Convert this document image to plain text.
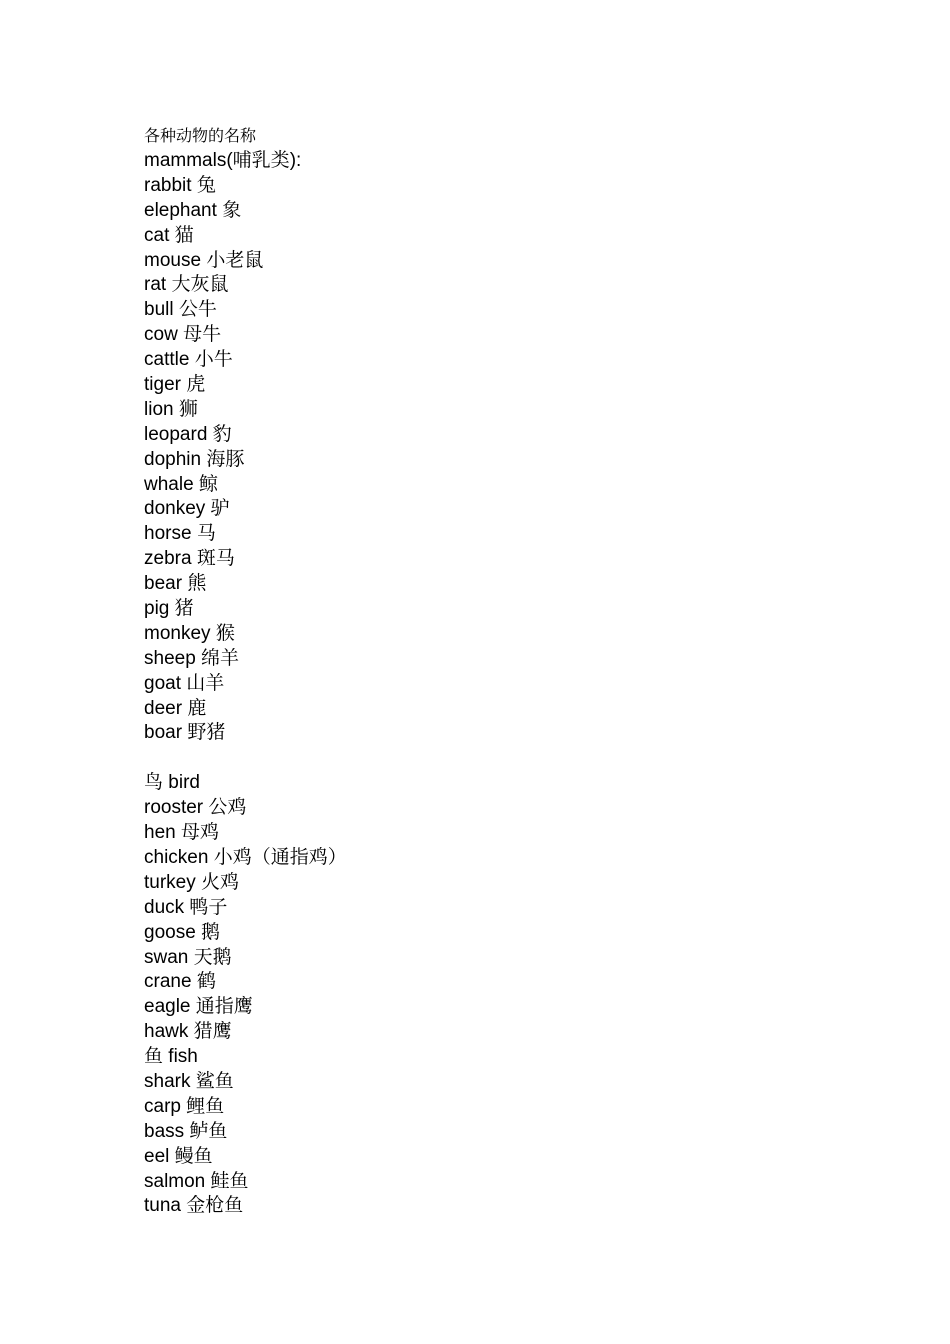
各种动物的名称
mammals(哺乳类):
rabbit 兔
elephant 象
cat 猫
mouse 小老鼠
rat 大灰鼠
bull 公牛
cow 母牛
cattle 小牛
tiger 虎
lion 狮
leopard 豹
dophin 海豚
whale 鲸
donkey 驴
horse 马
zebra 斑马
bear 熊
pig 猪
monkey 猴
sheep 绵羊
goat 山羊
deer 鹿
boar 野猪
鸟 bird
rooster 公鸡
hen 母鸡
chicken 小鸡（通指鸡）
turkey 火鸡
duck 鸭子
goose 鹅
swan 天鹅
crane 鹤
eagle 通指鹰
hawk 猎鹰
鱼 fish
shark 鲨鱼
carp 鲤鱼
bass 鲈鱼
eel 鳗鱼
salmon 鲑鱼
tuna 金枪鱼
